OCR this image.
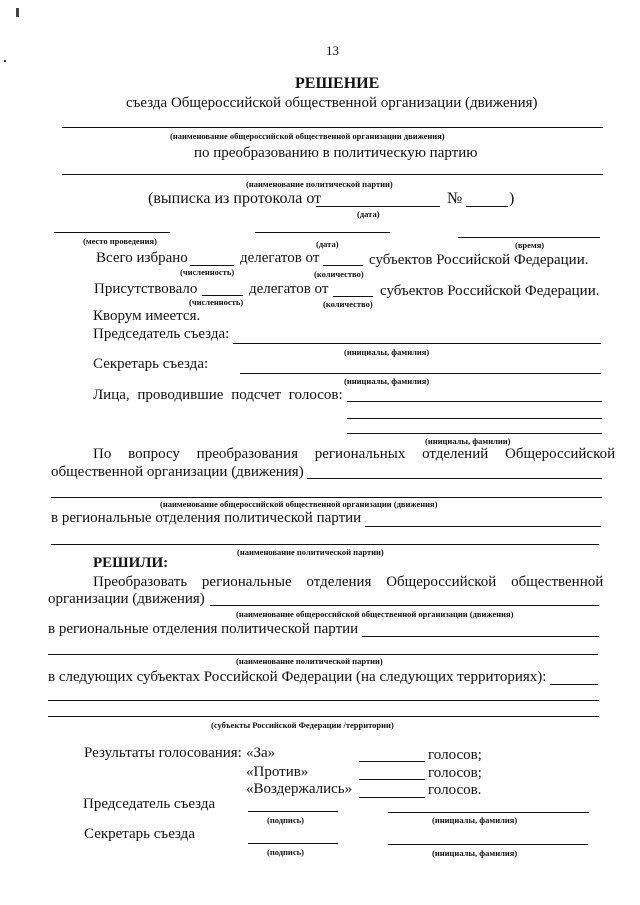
13
РЕШЕНИЕ
съезда Общероссийской общественной организации (движения)
(наименование общероссийской общественной организации движения)
по преобразованию в политическую партию
(наименование политической партии)
(выписка из протокола от	№	)
(дата)
(место проведения)	(дата)	(время)
Всего избрано	делегатов от	субъектов Российской Федерации.
(численность)	(количество)
Присутствовало	делегатов от	субъектов Российской Федерации.
(численность)	(количество)
Кворум имеется.
Председатель съезда:
(инициалы, фамилия)
Секретарь съезда:
(инициалы, фамилия)
Лица, проводившие подсчет голосов:
(инициалы, фамилии)
По вопросу преобразования региональных отделений Общероссийской
общественной организации (движения)
(наименование общероссийской общественной организации (движения)
в региональные отделения политической партии
(наименование политической партии)
РЕШИЛИ:
Преобразовать региональные отделения Общероссийской общественной
организации (движения)
(наименование общероссийской общественной организации (движения)
в региональные отделения политической партии
(наименование политической партии)
в следующих субъектах Российской Федерации (на следующих территориях):
(субъекты Российской Федерации /территории)
Результаты голосования: «За»	голосов;
«Против»	голосов;
«Воздержались»	голосов.
Председатель съезда
(подпись)	(инициалы, фамилия)
Секретарь съезда
(подпись)	(инициалы, фамилия)
